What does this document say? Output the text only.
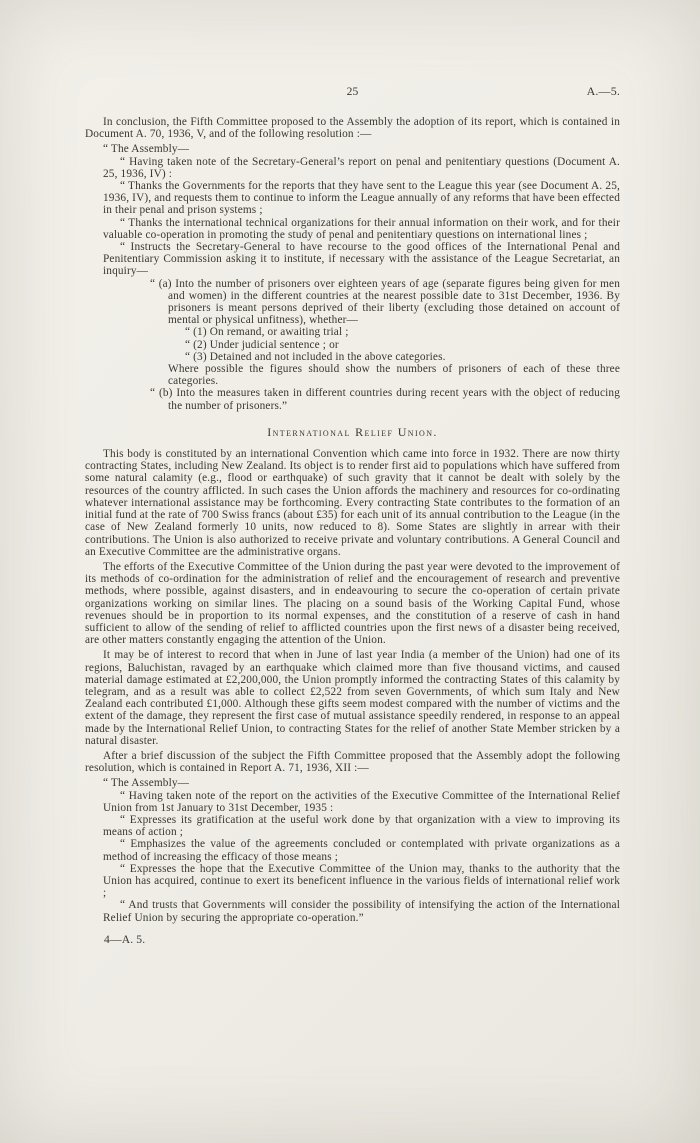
25	A.—5.

In conclusion, the Fifth Committee proposed to the Assembly the adoption of its report, which is contained in Document A. 70, 1936, V, and of the following resolution :—

“ The Assembly—

“ Having taken note of the Secretary-General’s report on penal and penitentiary questions (Document A. 25, 1936, IV) :

“ Thanks the Governments for the reports that they have sent to the League this year (see Document A. 25, 1936, IV), and requests them to continue to inform the League annually of any reforms that have been effected in their penal and prison systems ;

“ Thanks the international technical organizations for their annual information on their work, and for their valuable co-operation in promoting the study of penal and penitentiary questions on international lines ;

“ Instructs the Secretary-General to have recourse to the good offices of the International Penal and Penitentiary Commission asking it to institute, if necessary with the assistance of the League Secretariat, an inquiry—

“ (a) Into the number of prisoners over eighteen years of age (separate figures being given for men and women) in the different countries at the nearest possible date to 31st December, 1936. By prisoners is meant persons deprived of their liberty (excluding those detained on account of mental or physical unfitness), whether—

“ (1) On remand, or awaiting trial ;

“ (2) Under judicial sentence ; or

“ (3) Detained and not included in the above categories.

Where possible the figures should show the numbers of prisoners of each of these three categories.

“ (b) Into the measures taken in different countries during recent years with the object of reducing the number of prisoners.”

International Relief Union.

This body is constituted by an international Convention which came into force in 1932. There are now thirty contracting States, including New Zealand. Its object is to render first aid to populations which have suffered from some natural calamity (e.g., flood or earthquake) of such gravity that it cannot be dealt with solely by the resources of the country afflicted. In such cases the Union affords the machinery and resources for co-ordinating whatever international assistance may be forthcoming. Every contracting State contributes to the formation of an initial fund at the rate of 700 Swiss francs (about £35) for each unit of its annual contribution to the League (in the case of New Zealand formerly 10 units, now reduced to 8). Some States are slightly in arrear with their contributions. The Union is also authorized to receive private and voluntary contributions. A General Council and an Executive Committee are the administrative organs.

The efforts of the Executive Committee of the Union during the past year were devoted to the improvement of its methods of co-ordination for the administration of relief and the encouragement of research and preventive methods, where possible, against disasters, and in endeavouring to secure the co-operation of certain private organizations working on similar lines. The placing on a sound basis of the Working Capital Fund, whose revenues should be in proportion to its normal expenses, and the constitution of a reserve of cash in hand sufficient to allow of the sending of relief to afflicted countries upon the first news of a disaster being received, are other matters constantly engaging the attention of the Union.

It may be of interest to record that when in June of last year India (a member of the Union) had one of its regions, Baluchistan, ravaged by an earthquake which claimed more than five thousand victims, and caused material damage estimated at £2,200,000, the Union promptly informed the contracting States of this calamity by telegram, and as a result was able to collect £2,522 from seven Governments, of which sum Italy and New Zealand each contributed £1,000. Although these gifts seem modest compared with the number of victims and the extent of the damage, they represent the first case of mutual assistance speedily rendered, in response to an appeal made by the International Relief Union, to contracting States for the relief of another State Member stricken by a natural disaster.

After a brief discussion of the subject the Fifth Committee proposed that the Assembly adopt the following resolution, which is contained in Report A. 71, 1936, XII :—

“ The Assembly—

“ Having taken note of the report on the activities of the Executive Committee of the International Relief Union from 1st January to 31st December, 1935 :

“ Expresses its gratification at the useful work done by that organization with a view to improving its means of action ;

“ Emphasizes the value of the agreements concluded or contemplated with private organizations as a method of increasing the efficacy of those means ;

“ Expresses the hope that the Executive Committee of the Union may, thanks to the authority that the Union has acquired, continue to exert its beneficent influence in the various fields of international relief work ;

“ And trusts that Governments will consider the possibility of intensifying the action of the International Relief Union by securing the appropriate co-operation.”

4—A. 5.
